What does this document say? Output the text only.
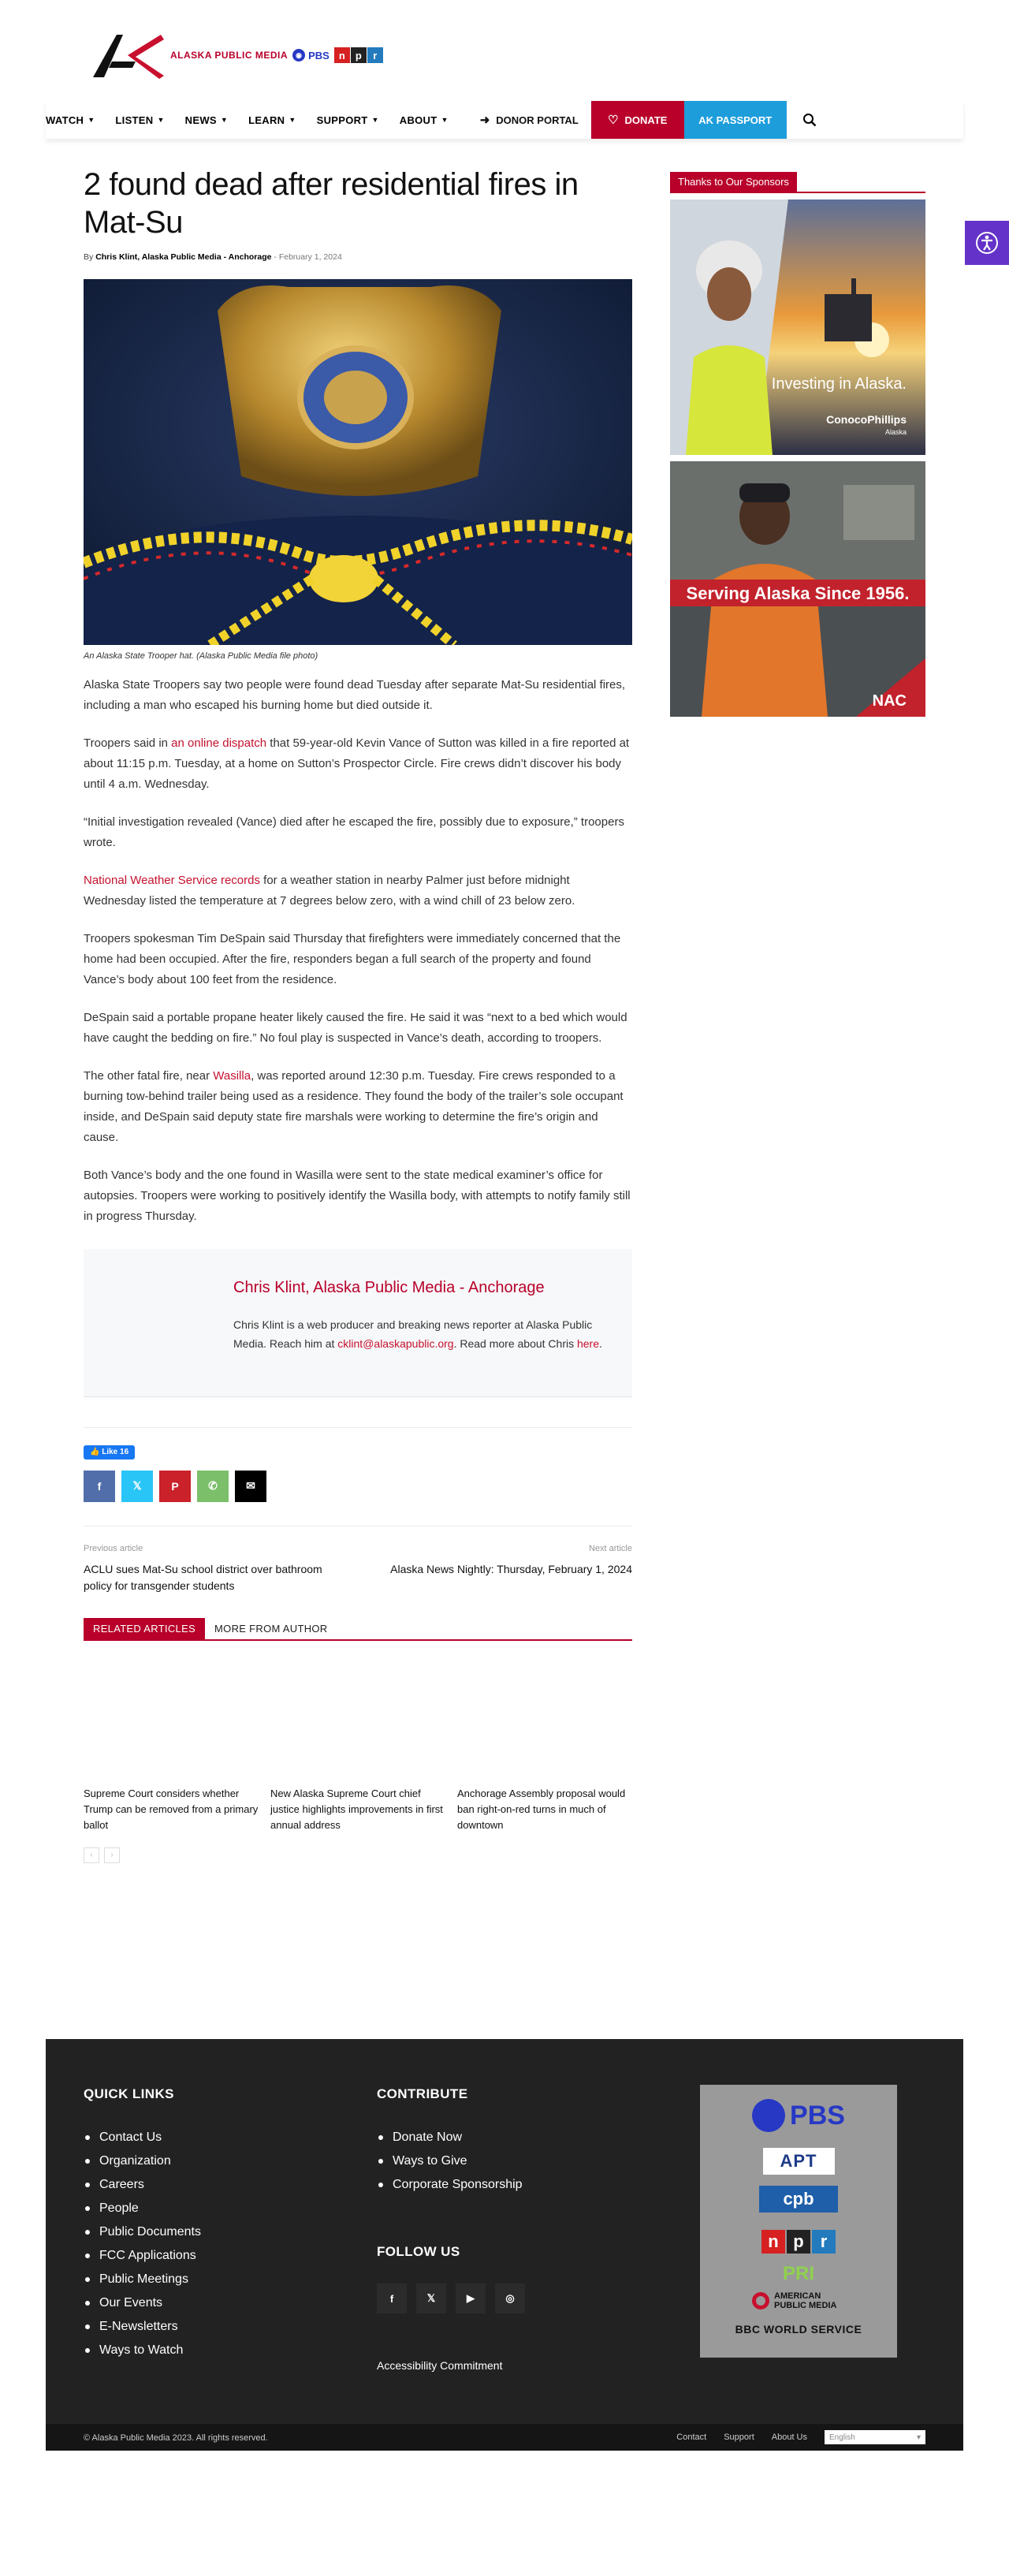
ALASKA PUBLIC MEDIA	◉ PBS n	p	r
WATCH ▼ LISTEN ▼ NEWS ▼ LEARN ▼ SUPPORT ▼ ABOUT ▼	➜ DONOR PORTAL ♡ DONATE	AK PASSPORT
2 found dead after residential fires in Mat-Su
By Chris Klint, Alaska Public Media - Anchorage - February 1, 2024
An Alaska State Trooper hat. (Alaska Public Media file photo)

Alaska State Troopers say two people were found dead Tuesday after separate Mat-Su residential fires, including a man who escaped his burning home but died outside it.

Troopers said in an online dispatch that 59-year-old Kevin Vance of Sutton was killed in a fire reported at about 11:15 p.m. Tuesday, at a home on Sutton’s Prospector Circle. Fire crews didn’t discover his body until 4 a.m. Wednesday.

“Initial investigation revealed (Vance) died after he escaped the fire, possibly due to exposure,” troopers wrote.

National Weather Service records for a weather station in nearby Palmer just before midnight Wednesday listed the temperature at 7 degrees below zero, with a wind chill of 23 below zero.

Troopers spokesman Tim DeSpain said Thursday that firefighters were immediately concerned that the home had been occupied. After the fire, responders began a full search of the property and found Vance’s body about 100 feet from the residence.

DeSpain said a portable propane heater likely caused the fire. He said it was “next to a bed which would have caught the bedding on fire.” No foul play is suspected in Vance’s death, according to troopers.

The other fatal fire, near Wasilla, was reported around 12:30 p.m. Tuesday. Fire crews responded to a burning tow-behind trailer being used as a residence. They found the body of the trailer’s sole occupant inside, and DeSpain said deputy state fire marshals were working to determine the fire’s origin and cause.

Both Vance’s body and the one found in Wasilla were sent to the state medical examiner’s office for autopsies. Troopers were working to positively identify the Wasilla body, with attempts to notify family still in progress Thursday.

Chris Klint, Alaska Public Media - Anchorage
Chris Klint is a web producer and breaking news reporter at Alaska Public Media. Reach him at cklint@alaskapublic.org. Read more about Chris here.
👍 Like 16
f	𝕏	P	✆	✉
Previous article
ACLU sues Mat-Su school district over bathroom policy for transgender students
Next article
Alaska News Nightly: Thursday, February 1, 2024
RELATED ARTICLES	MORE FROM AUTHOR
Supreme Court considers whether Trump can be removed from a primary ballot
New Alaska Supreme Court chief justice highlights improvements in first annual address
Anchorage Assembly proposal would ban right-on-red turns in much of downtown
‹	›
Thanks to Our Sponsors
Investing in Alaska.
ConocoPhillips
Alaska
Serving Alaska Since 1956.
NAC
QUICK LINKS
Contact Us
Organization
Careers
People
Public Documents
FCC Applications
Public Meetings
Our Events
E-Newsletters
Ways to Watch
CONTRIBUTE
Donate Now
Ways to Give
Corporate Sponsorship
FOLLOW US
f	𝕏	▶	◎
Accessibility Commitment
PBS
APT
cpb
n p r
PRI
AMERICAN PUBLIC MEDIA
BBC WORLD SERVICE
© Alaska Public Media 2023. All rights reserved.	Contact Support About Us	English	▾
